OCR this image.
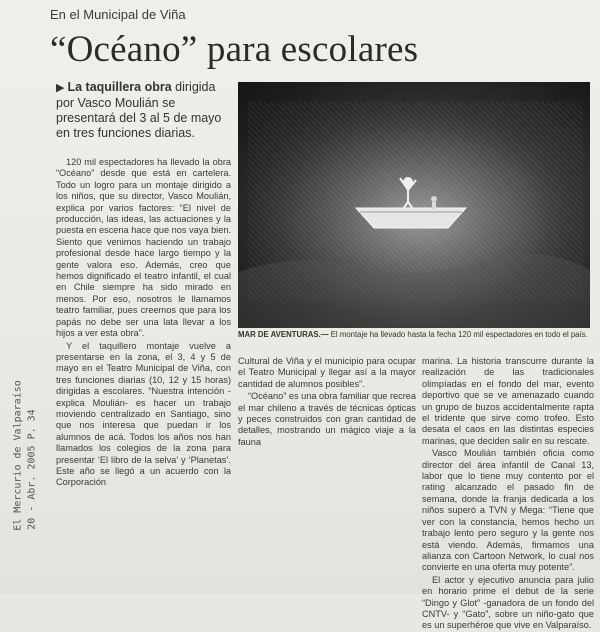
El Mercurio de Valparaíso 20 - Abr. 2005 P. 34
En el Municipal de Viña
“Océano” para escolares
▶ La taquillera obra dirigida por Vasco Moulián se presentará del 3 al 5 de mayo en tres funciones diarias.
MAR DE AVENTURAS.— El montaje ha llevado hasta la fecha 120 mil espectadores en todo el país.

120 mil espectadores ha llevado la obra “Océano” desde que está en cartelera. Todo un logro para un montaje dirigido a los niños, que su director, Vasco Moulián, explica por varios factores: “El nivel de producción, las ideas, las actuaciones y la puesta en escena hace que nos vaya bien. Siento que venimos haciendo un trabajo profesional desde hace largo tiempo y la gente valora eso. Además, creo que hemos dignificado el teatro infantil, el cual en Chile siempre ha sido mirado en menos. Por eso, nosotros le llamamos teatro familiar, pues creemos que para los papás no debe ser una lata llevar a los hijos a ver esta obra”.

Y el taquillero montaje vuelve a presentarse en la zona, el 3, 4 y 5 de mayo en el Teatro Municipal de Viña, con tres funciones diarias (10, 12 y 15 horas) dirigidas a escolares. “Nuestra intención -explica Moulián- es hacer un trabajo moviendo centralizado en Santiago, sino que nos interesa que puedan ir los alumnos de acá. Todos los años nos han llamados los colegios de la zona para presentar ‘El libro de la selva’ y ‘Planetas’. Este año se llegó a un acuerdo con la Corporación

Cultural de Viña y el municipio para ocupar el Teatro Municipal y llegar así a la mayor cantidad de alumnos posibles”.

“Océano” es una obra familiar que recrea el mar chileno a través de técnicas ópticas y peces construidos con gran cantidad de detalles, mostrando un mágico viaje a la fauna

marina. La historia transcurre durante la realización de las tradicionales olimpíadas en el fondo del mar, evento deportivo que se ve amenazado cuando un grupo de buzos accidentalmente rapta el tridente que sirve como trofeo. Esto desata el caos en las distintas especies marinas, que deciden salir en su rescate.

Vasco Moulián también oficia como director del área infantil de Canal 13, labor que lo tiene muy contento por el rating alcanzado el pasado fin de semana, donde la franja dedicada a los niños superó a TVN y Mega: “Tiene que ver con la constancia, hemos hecho un trabajo lento pero seguro y la gente nos está viendo. Además, firmamos una alianza con Cartoon Network, lo cual nos convierte en una oferta muy potente”.

El actor y ejecutivo anuncia para julio en horario prime el debut de la serie “Dingo y Glot” -ganadora de un fondo del CNTV- y “Gato”, sobre un niño-gato que es un superhéroe que vive en Valparaíso.
